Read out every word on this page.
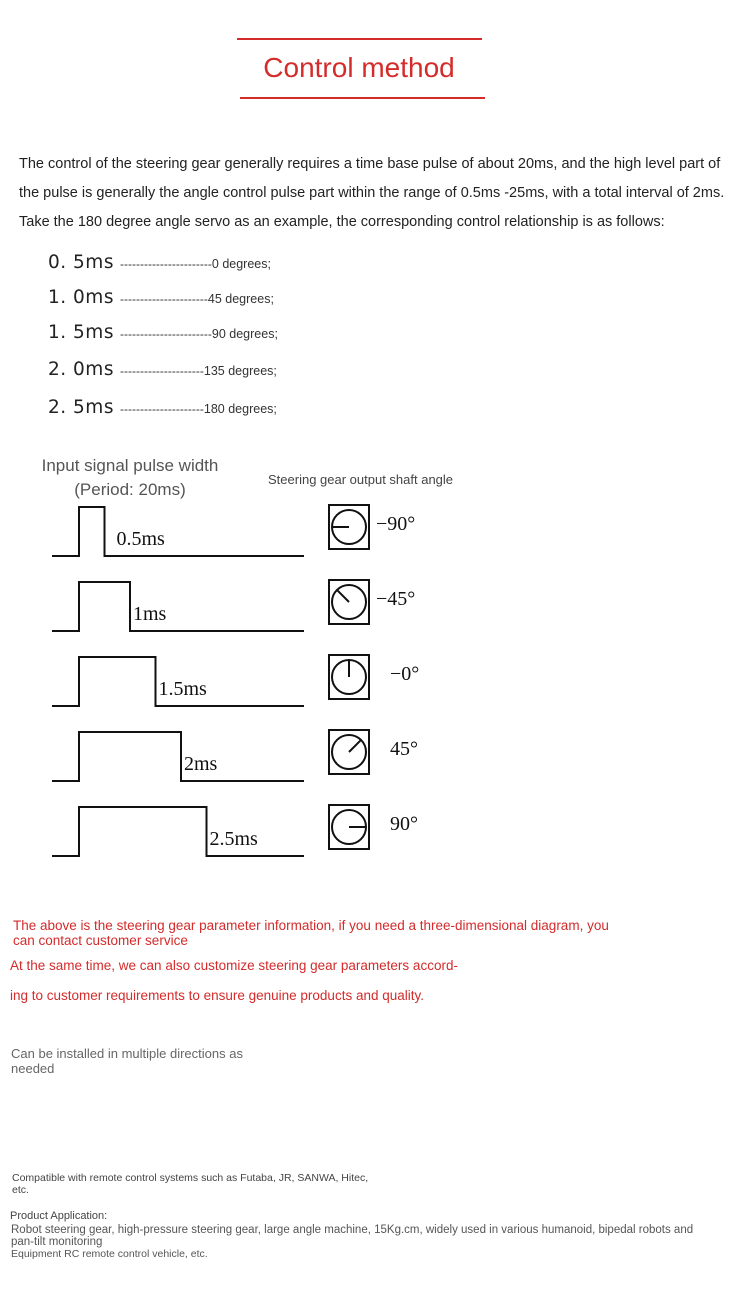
Control method
The control of the steering gear generally requires a time base pulse of about 20ms, and the high level part of
the pulse is generally the angle control pulse part within the range of 0.5ms -25ms, with a total interval of 2ms.
Take the 180 degree angle servo as an example, the corresponding control relationship is as follows:
0. 5ms ----------------------- 0 degrees;
1. 0ms ---------------------- 45 degrees;
1. 5ms ----------------------- 90 degrees;
2. 0ms --------------------- 135 degrees;
2. 5ms --------------------- 180 degrees;
Input signal pulse width
(Period: 20ms)
Steering gear output shaft angle
0.5ms
1ms
1.5ms
2ms
2.5ms
−90°
−45°
−0°
45°
90°
The above is the steering gear parameter information, if you need a three-dimensional diagram, you
can contact customer service
At the same time, we can also customize steering gear parameters accord-
ing to customer requirements to ensure genuine products and quality.
Can be installed in multiple directions as
needed
Compatible with remote control systems such as Futaba, JR, SANWA, Hitec,
etc.
Product Application:
Robot steering gear, high-pressure steering gear, large angle machine, 15Kg.cm, widely used in various humanoid, bipedal robots and
pan-tilt monitoring
Equipment RC remote control vehicle, etc.
